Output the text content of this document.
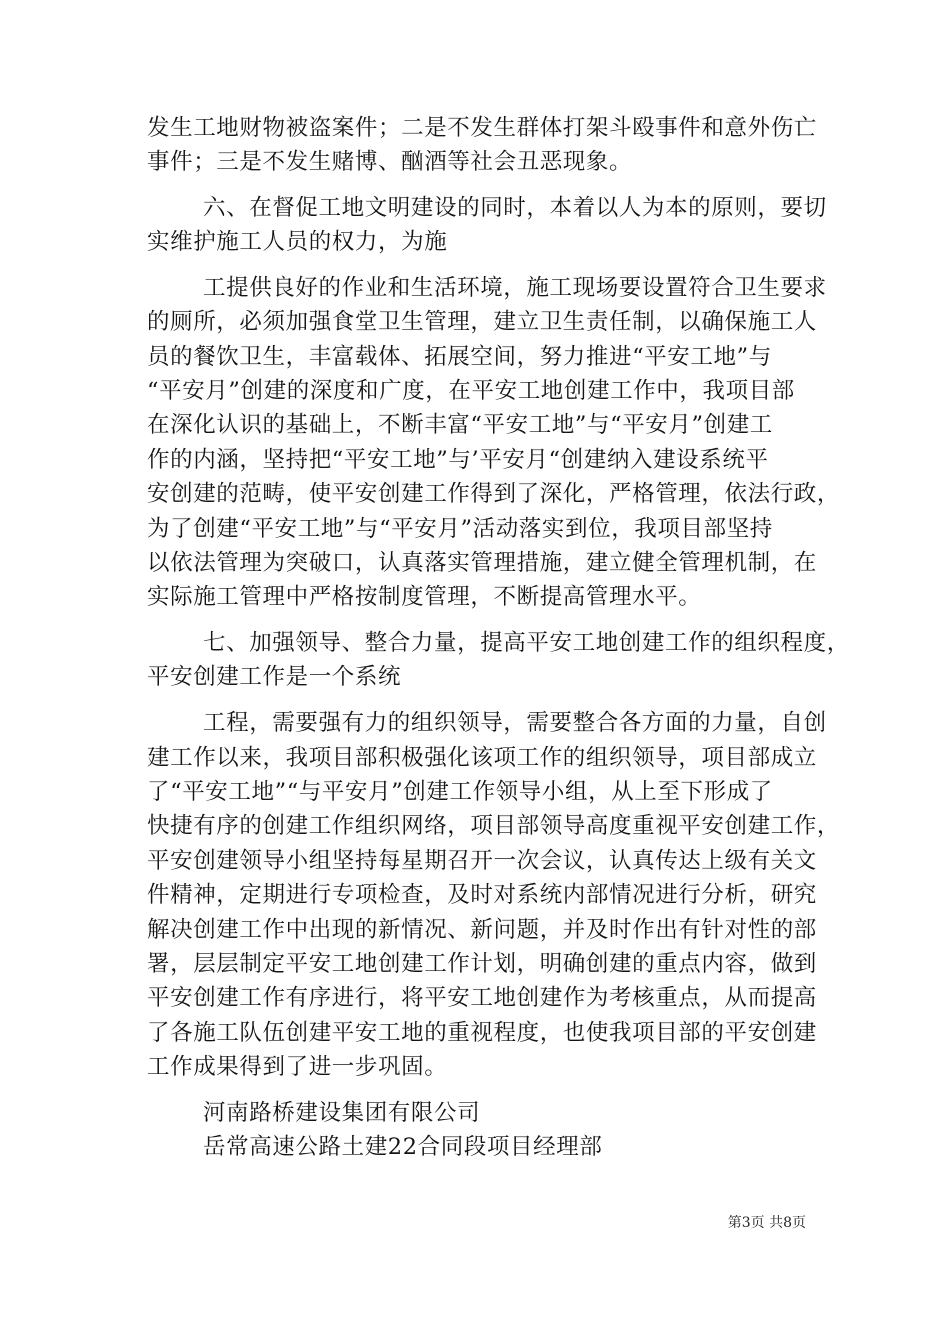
发生工地财物被盗案件；二是不发生群体打架斗殴事件和意外伤亡
事件；三是不发生赌博、酗酒等社会丑恶现象。
六、在督促工地文明建设的同时，本着以人为本的原则，要切
实维护施工人员的权力，为施
工提供良好的作业和生活环境，施工现场要设置符合卫生要求
的厕所，必须加强食堂卫生管理，建立卫生责任制，以确保施工人
员的餐饮卫生，丰富载体、拓展空间，努力推进“平安工地”与
“平安月”创建的深度和广度，在平安工地创建工作中，我项目部
在深化认识的基础上，不断丰富“平安工地”与“平安月”创建工
作的内涵，坚持把“平安工地”与’平安月“创建纳入建设系统平
安创建的范畴，使平安创建工作得到了深化，严格管理，依法行政，
为了创建“平安工地”与“平安月”活动落实到位，我项目部坚持
以依法管理为突破口，认真落实管理措施，建立健全管理机制，在
实际施工管理中严格按制度管理，不断提高管理水平。
七、加强领导、整合力量，提高平安工地创建工作的组织程度，
平安创建工作是一个系统
工程，需要强有力的组织领导，需要整合各方面的力量，自创
建工作以来，我项目部积极强化该项工作的组织领导，项目部成立
了“平安工地”“与平安月”创建工作领导小组，从上至下形成了
快捷有序的创建工作组织网络，项目部领导高度重视平安创建工作，
平安创建领导小组坚持每星期召开一次会议，认真传达上级有关文
件精神，定期进行专项检查，及时对系统内部情况进行分析，研究
解决创建工作中出现的新情况、新问题，并及时作出有针对性的部
署，层层制定平安工地创建工作计划，明确创建的重点内容，做到
平安创建工作有序进行，将平安工地创建作为考核重点，从而提高
了各施工队伍创建平安工地的重视程度，也使我项目部的平安创建
工作成果得到了进一步巩固。
河南路桥建设集团有限公司
岳常高速公路土建22合同段项目经理部
第3页 共8页
